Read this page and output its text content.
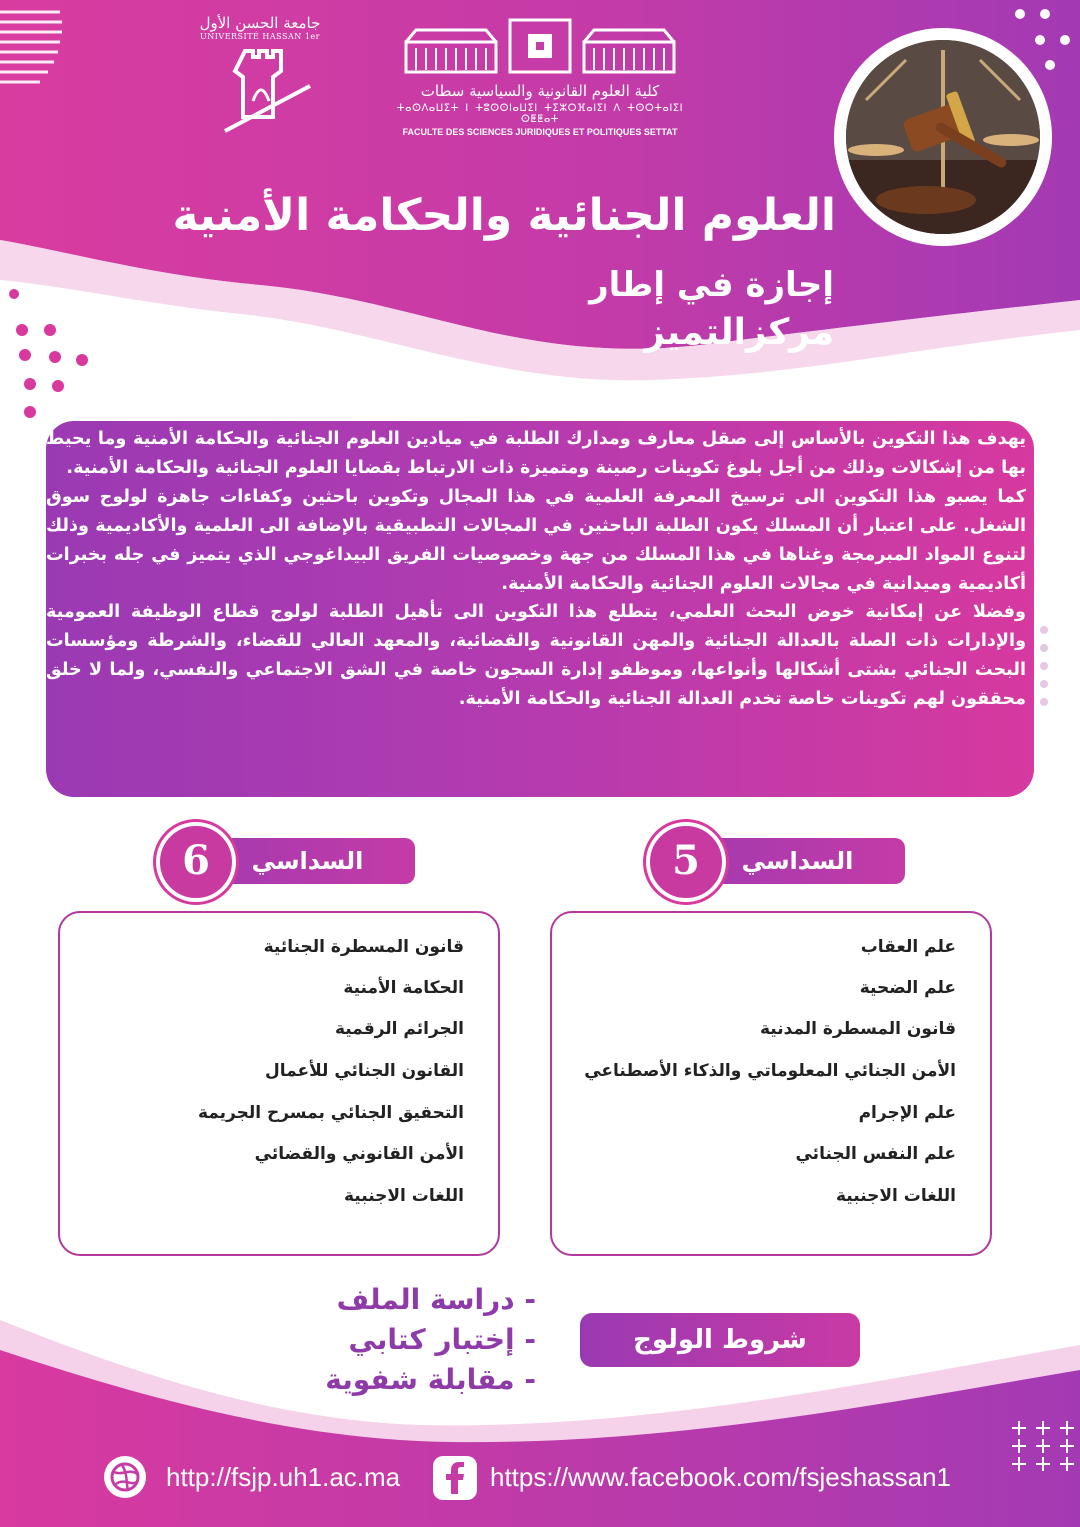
جامعة الحسن الأول
UNIVERSITÉ HASSAN 1er
كلية العلوم القانونية والسياسية سطات
ⵜⴰⵙⴷⴰⵡⵉⵜ ⵏ ⵜⵓⵙⵙⵏⴰⵡⵉⵏ ⵜⵉⵣⵔⴼⴰⵏⵉⵏ ⴷ ⵜⵙⵔⵜⴰⵏⵉⵏ ⵙⵟⵟⴰⵜ
FACULTE DES SCIENCES JURIDIQUES ET POLITIQUES SETTAT
العلوم الجنائية والحكامة الأمنية
إجازة في إطار
مركزالتميز
يهدف هذا التكوين بالأساس إلى صقل معارف ومدارك الطلبة في ميادين العلوم الجنائية والحكامة الأمنية وما يحيط بها من إشكالات وذلك من أجل بلوغ تكوينات رصينة ومتميزة ذات الارتباط بقضايا العلوم الجنائية والحكامة الأمنية.
كما يصبو هذا التكوين الى ترسيخ المعرفة العلمية في هذا المجال وتكوين باحثين وكفاءات جاهزة لولوج سوق الشغل. على اعتبار أن المسلك يكون الطلبة الباحثين في المجالات التطبيقية بالإضافة الى العلمية والأكاديمية وذلك لتنوع المواد المبرمجة وغناها في هذا المسلك من جهة وخصوصيات الفريق البيداغوجي الذي يتميز في جله بخبرات أكاديمية وميدانية في مجالات العلوم الجنائية والحكامة الأمنية.
وفضلا عن إمكانية خوض البحث العلمي، يتطلع هذا التكوين الى تأهيل الطلبة لولوج قطاع الوظيفة العمومية والإدارات ذات الصلة بالعدالة الجنائية والمهن القانونية والقضائية، والمعهد العالي للقضاء، والشرطة ومؤسسات البحث الجنائي بشتى أشكالها وأنواعها، وموظفو إدارة السجون خاصة في الشق الاجتماعي والنفسي، ولما لا خلق محققون لهم تكوينات خاصة تخدم العدالة الجنائية والحكامة الأمنية.
السداسي
5
علم العقاب
علم الضحية
قانون المسطرة المدنية
الأمن الجنائي المعلوماتي والذكاء الأصطناعي
علم الإجرام
علم النفس الجنائي
اللغات الاجنبية
السداسي
6
قانون المسطرة الجنائية
الحكامة الأمنية
الجرائم الرقمية
القانون الجنائي للأعمال
التحقيق الجنائي بمسرح الجريمة
الأمن القانوني والقضائي
اللغات الاجنبية
شروط الولوج
- دراسة الملف
- إختبار كتابي
- مقابلة شفوية
http://fsjp.uh1.ac.ma	https://www.facebook.com/fsjeshassan1
